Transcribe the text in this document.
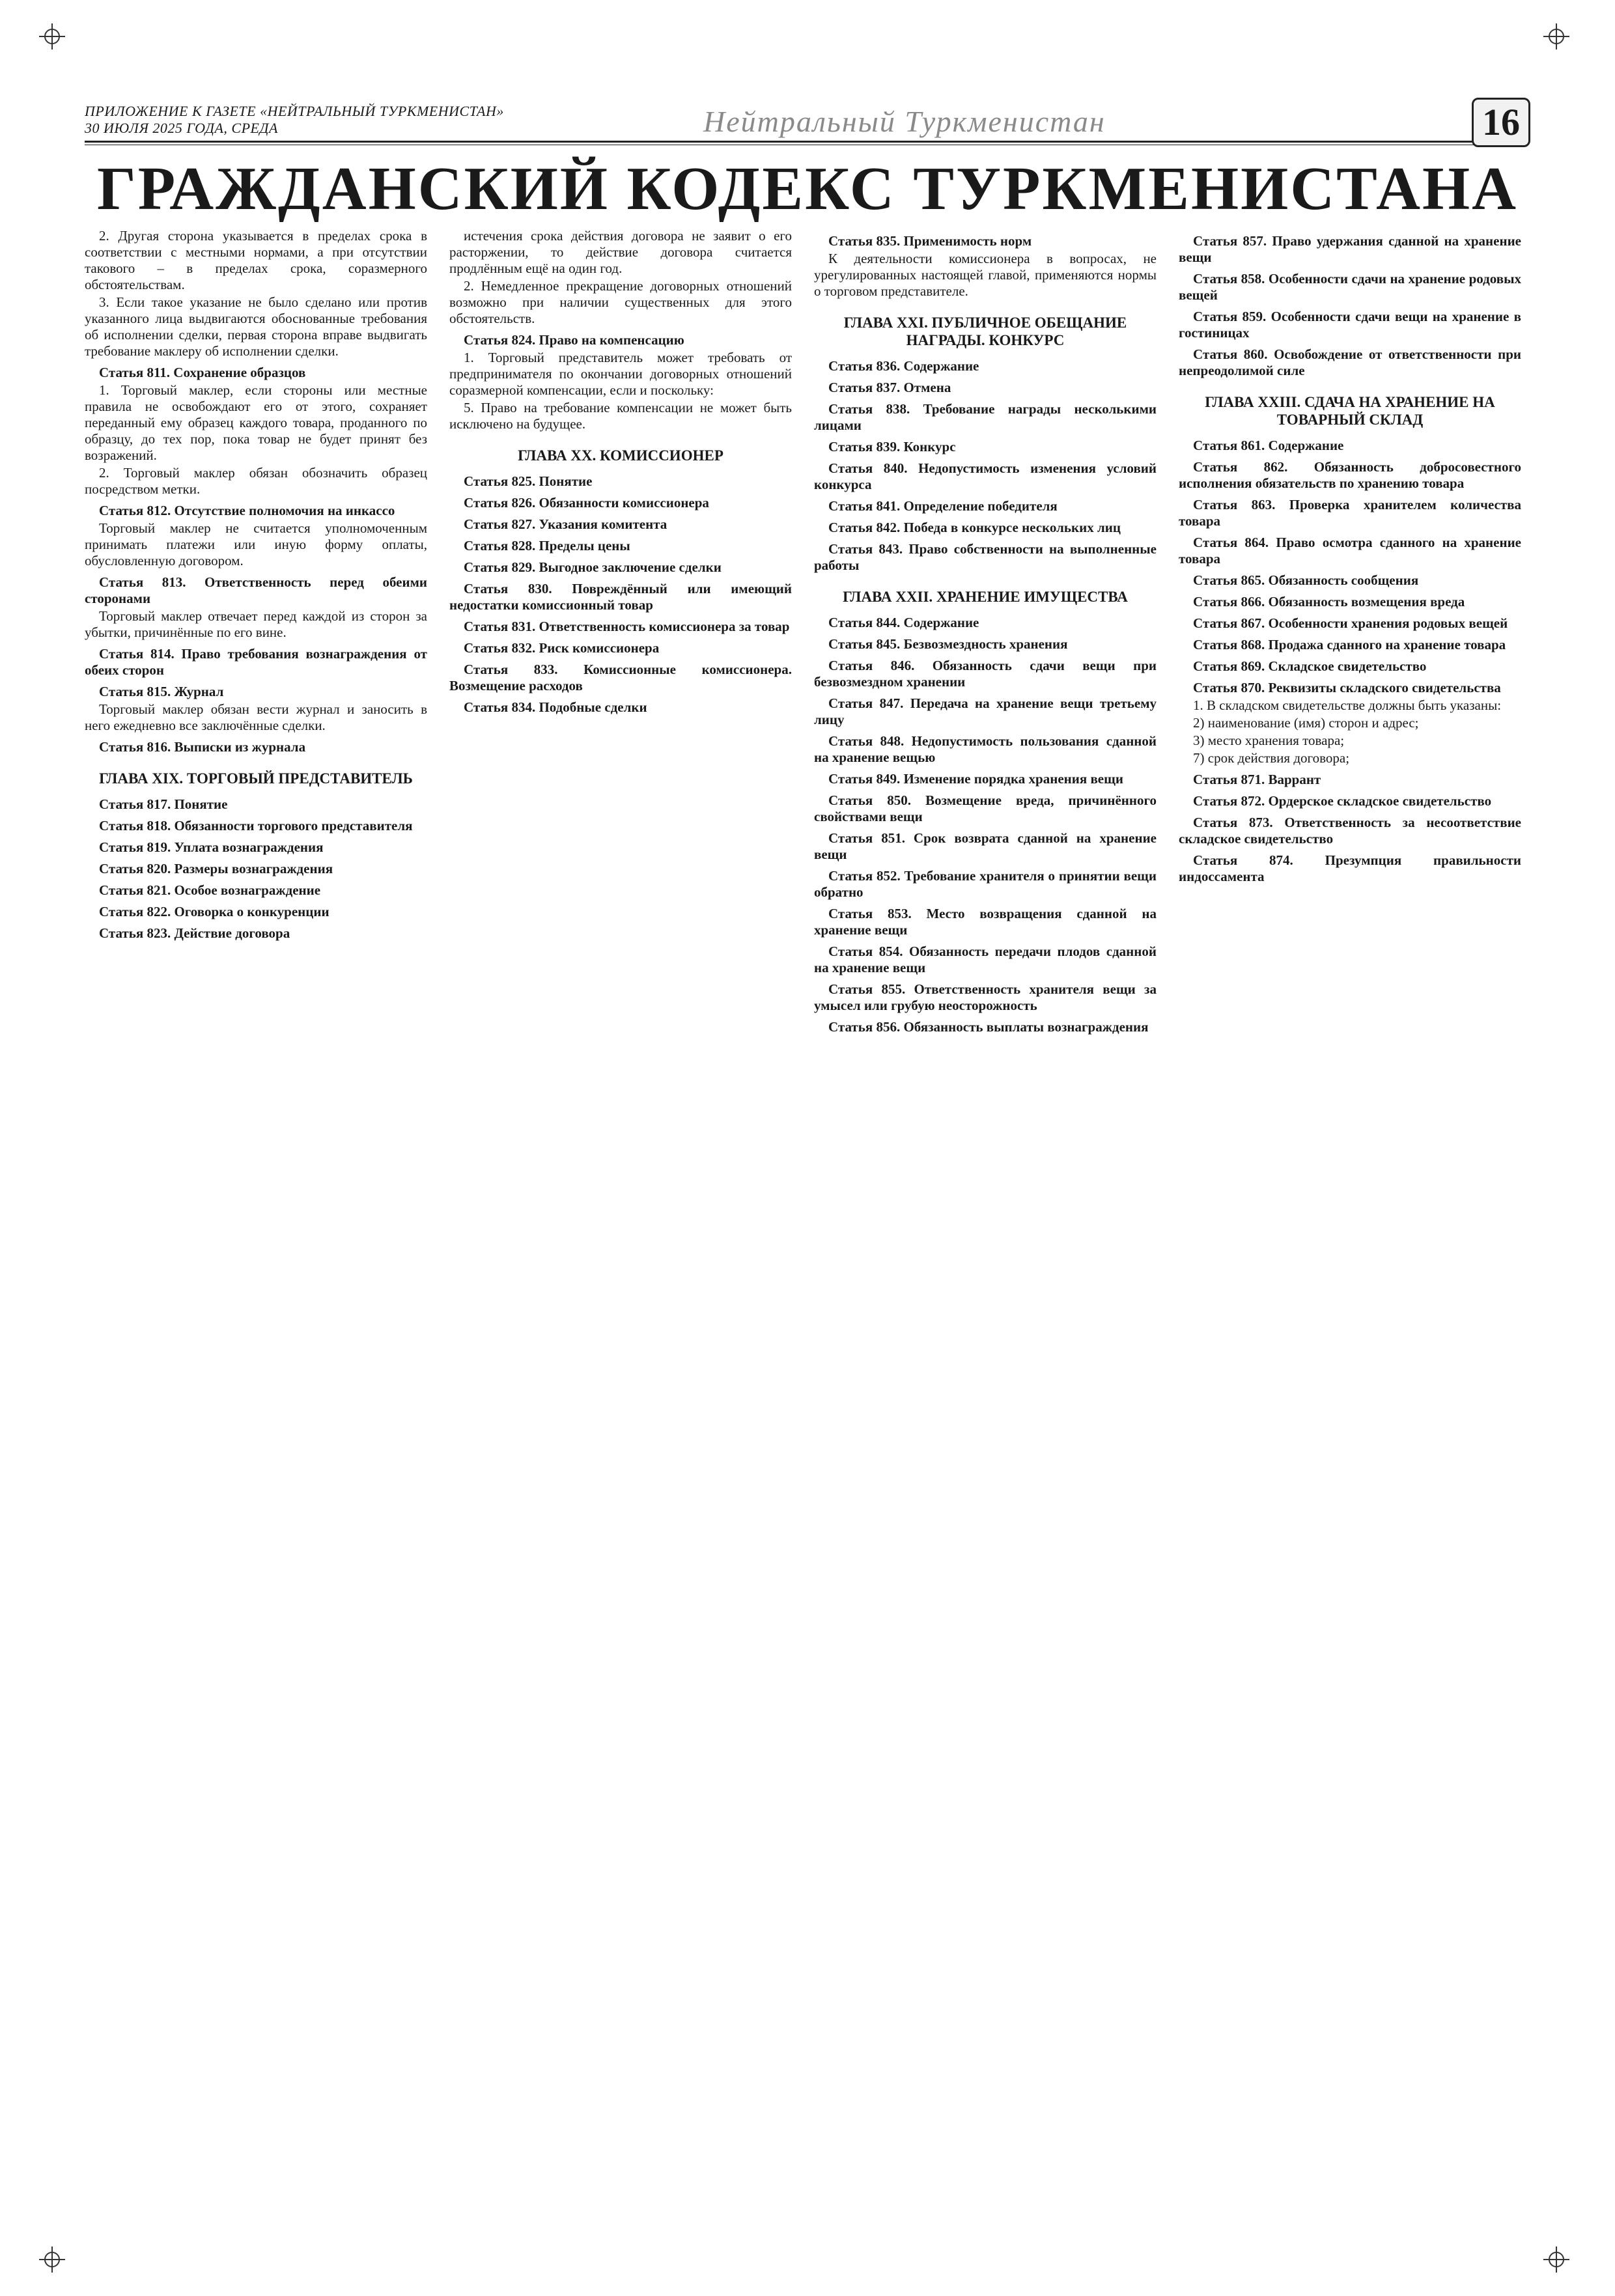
ПРИЛОЖЕНИЕ К ГАЗЕТЕ «НЕЙТРАЛЬНЫЙ ТУРКМЕНИСТАН»
30 ИЮЛЯ 2025 ГОДА, СРЕДА	Нейтральный Туркменистан	16
ГРАЖДАНСКИЙ КОДЕКС ТУРКМЕНИСТАНА
2. Другая сторона указывается в пределах срока в соответствии с местными нормами, а при отсутствии такового – в пределах срока, соразмерного обстоятельствам.
3. Если такое указание не было сделано или против указанного лица выдвигаются обоснованные требования об исполнении сделки, первая сторона вправе выдвигать требование маклеру об исполнении сделки.
Статья 811. Сохранение образцов
1. Торговый маклер, если стороны или местные правила не освобождают его от этого, сохраняет переданный ему образец каждого товара, проданного по образцу, до тех пор, пока товар не будет принят без возражений.
2. Торговый маклер обязан обозначить образец посредством метки.
Статья 812. Отсутствие полномочия на инкассо
Торговый маклер не считается уполномоченным принимать платежи или иную форму оплаты, обусловленную договором.
Статья 813. Ответственность перед обеими сторонами
Торговый маклер отвечает перед каждой из сторон за убытки, причинённые по его вине.
Статья 814. Право требования вознаграждения от обеих сторон
Статья 815. Журнал
Торговый маклер обязан вести журнал и заносить в него ежедневно все заключённые сделки.
Статья 816. Выписки из журнала
ГЛАВА XIX. ТОРГОВЫЙ ПРЕДСТАВИТЕЛЬ
Статья 817. Понятие
Статья 818. Обязанности торгового представителя
Статья 819. Уплата вознаграждения
Статья 820. Размеры вознаграждения
Статья 821. Особое вознаграждение
Статья 822. Оговорка о конкуренции
Статья 823. Действие договора
истечения срока действия договора не заявит о его расторжении, то действие договора считается продлённым ещё на один год.
2. Немедленное прекращение договорных отношений возможно при наличии существенных для этого обстоятельств.
Статья 824. Право на компенсацию
1. Торговый представитель может требовать от предпринимателя по окончании договорных отношений соразмерной компенсации, если и поскольку:
5. Право на требование компенсации не может быть исключено на будущее.
ГЛАВА XX. КОМИССИОНЕР
Статья 825. Понятие
Статья 826. Обязанности комиссионера
Статья 827. Указания комитента
Статья 828. Пределы цены
Статья 829. Выгодное заключение сделки
Статья 830. Повреждённый или имеющий недостатки комиссионный товар
Статья 831. Ответственность комиссионера за товар
Статья 832. Риск комиссионера
Статья 833. Комиссионные комиссионера. Возмещение расходов
Статья 834. Подобные сделки
Статья 835. Применимость норм
К деятельности комиссионера в вопросах, не урегулированных настоящей главой, применяются нормы о торговом представителе.
ГЛАВА XXI. ПУБЛИЧНОЕ ОБЕЩАНИЕ НАГРАДЫ. КОНКУРС
Статья 836. Содержание
Статья 837. Отмена
Статья 838. Требование награды несколькими лицами
Статья 839. Конкурс
Статья 840. Недопустимость изменения условий конкурса
Статья 841. Определение победителя
Статья 842. Победа в конкурсе нескольких лиц
Статья 843. Право собственности на выполненные работы
ГЛАВА XXII. ХРАНЕНИЕ ИМУЩЕСТВА
Статья 844. Содержание
Статья 845. Безвозмездность хранения
Статья 846. Обязанность сдачи вещи при безвозмездном хранении
Статья 847. Передача на хранение вещи третьему лицу
Статья 848. Недопустимость пользования сданной на хранение вещью
Статья 849. Изменение порядка хранения вещи
Статья 850. Возмещение вреда, причинённого свойствами вещи
Статья 851. Срок возврата сданной на хранение вещи
Статья 852. Требование хранителя о принятии вещи обратно
Статья 853. Место возвращения сданной на хранение вещи
Статья 854. Обязанность передачи плодов сданной на хранение вещи
Статья 855. Ответственность хранителя вещи за умысел или грубую неосторожность
Статья 856. Обязанность выплаты вознаграждения
Статья 857. Право удержания сданной на хранение вещи
Статья 858. Особенности сдачи на хранение родовых вещей
Статья 859. Особенности сдачи вещи на хранение в гостиницах
Статья 860. Освобождение от ответственности при непреодолимой силе
ГЛАВА XXIII. СДАЧА НА ХРАНЕНИЕ НА ТОВАРНЫЙ СКЛАД
Статья 861. Содержание
Статья 862. Обязанность добросовестного исполнения обязательств по хранению товара
Статья 863. Проверка хранителем количества товара
Статья 864. Право осмотра сданного на хранение товара
Статья 865. Обязанность сообщения
Статья 866. Обязанность возмещения вреда
Статья 867. Особенности хранения родовых вещей
Статья 868. Продажа сданного на хранение товара
Статья 869. Складское свидетельство
Статья 870. Реквизиты складского свидетельства
1. В складском свидетельстве должны быть указаны:
2) наименование (имя) сторон и адрес;
3) место хранения товара;
7) срок действия договора;
Статья 871. Варрант
Статья 872. Ордерское складское свидетельство
Статья 873. Ответственность за несоответствие складское свидетельство
Статья 874. Презумпция правильности индоссамента
